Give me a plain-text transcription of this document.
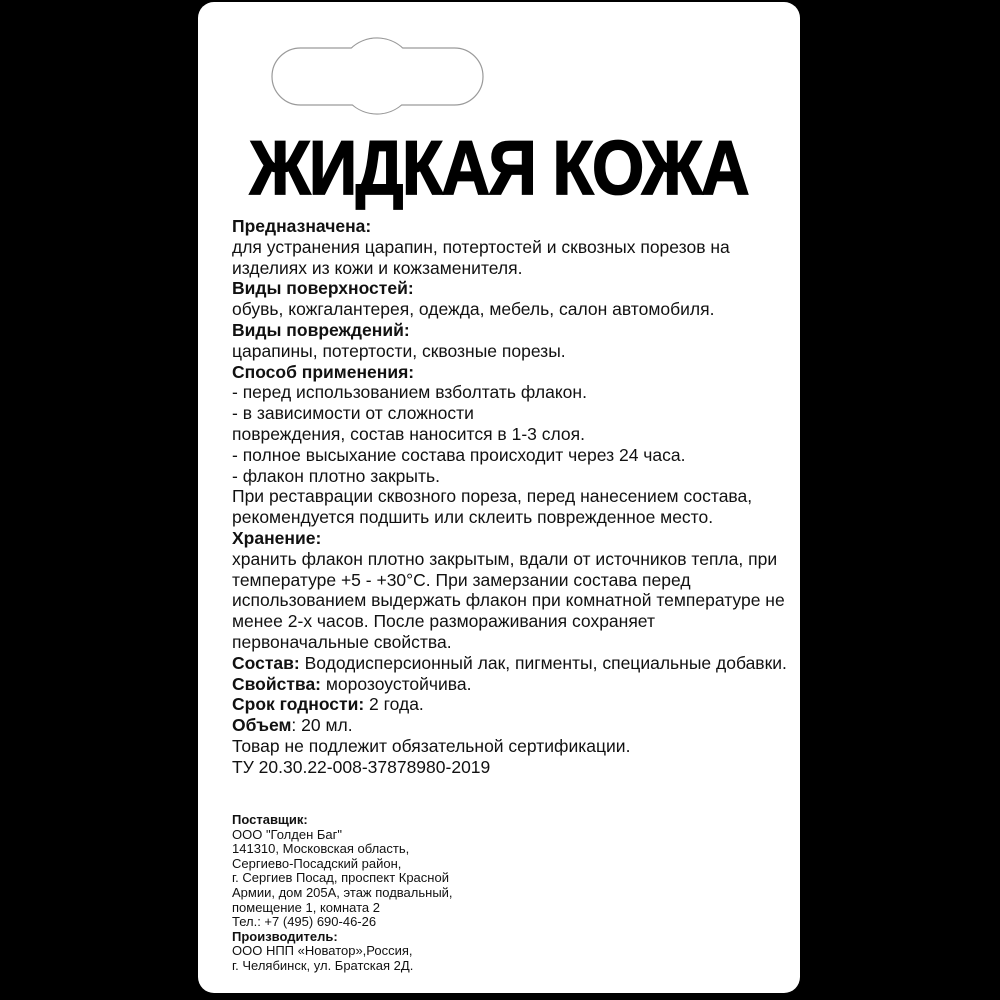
ЖИДКАЯ КОЖА
Предназначена:
для устранения царапин, потертостей и сквозных порезов на
изделиях из кожи и кожзаменителя.
Виды поверхностей:
обувь, кожгалантерея, одежда, мебель, салон автомобиля.
Виды повреждений:
царапины, потертости, сквозные порезы.
Способ применения:
- перед использованием взболтать флакон.
- в зависимости от сложности
повреждения, состав наносится в 1-3 слоя.
- полное высыхание состава происходит через 24 часа.
- флакон плотно закрыть.
При реставрации сквозного пореза, перед нанесением состава,
рекомендуется подшить или склеить поврежденное место.
Хранение:
хранить флакон плотно закрытым, вдали от источников тепла, при
температуре +5 - +30°С. При замерзании состава перед
использованием выдержать флакон при комнатной температуре не
менее 2-х часов. После размораживания сохраняет
первоначальные свойства.
Состав: Вододисперсионный лак, пигменты, специальные добавки.
Свойства: морозоустойчива.
Срок годности: 2 года.
Объем: 20 мл.
Товар не подлежит обязательной сертификации.
ТУ 20.30.22-008-37878980-2019
Поставщик:
ООО "Голден Баг"
141310, Московская область,
Сергиево-Посадский район,
г. Сергиев Посад, проспект Красной
Армии, дом 205А, этаж подвальный,
помещение 1, комната 2
Тел.: +7 (495) 690-46-26
Производитель:
ООО НПП «Новатор»,Россия,
г. Челябинск, ул. Братская 2Д.
